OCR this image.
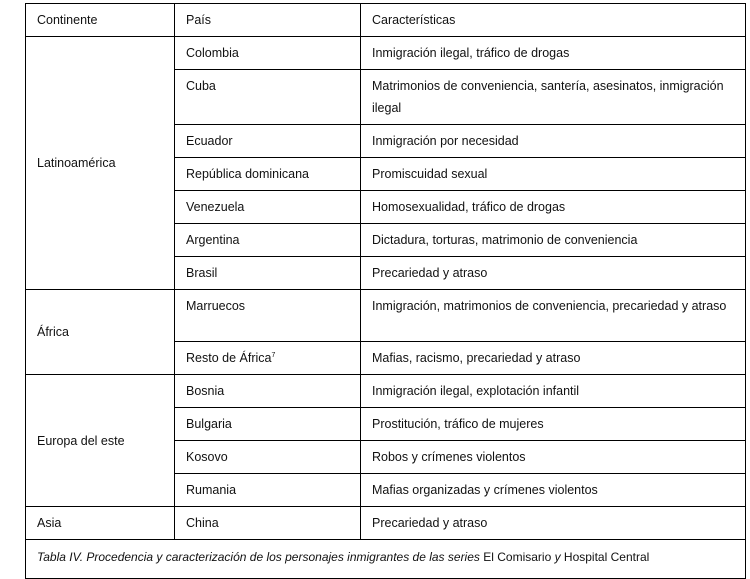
Continente	País	Características
Latinoamérica	Colombia	Inmigración ilegal, tráfico de drogas
	Cuba	Matrimonios de conveniencia, santería, asesinatos, inmigración ilegal
	Ecuador	Inmigración por necesidad
	República dominicana	Promiscuidad sexual
	Venezuela	Homosexualidad, tráfico de drogas
	Argentina	Dictadura, torturas, matrimonio de conveniencia
	Brasil	Precariedad y atraso
África	Marruecos	Inmigración, matrimonios de conveniencia, precariedad y atraso
	Resto de África$^7$	Mafias, racismo, precariedad y atraso
Europa del este	Bosnia	Inmigración ilegal, explotación infantil
	Bulgaria	Prostitución, tráfico de mujeres
	Kosovo	Robos y crímenes violentos
	Rumania	Mafias organizadas y crímenes violentos
Asia	China	Precariedad y atraso
Tabla IV. Procedencia y caracterización de los personajes inmigrantes de las series El Comisario y Hospital Central		
